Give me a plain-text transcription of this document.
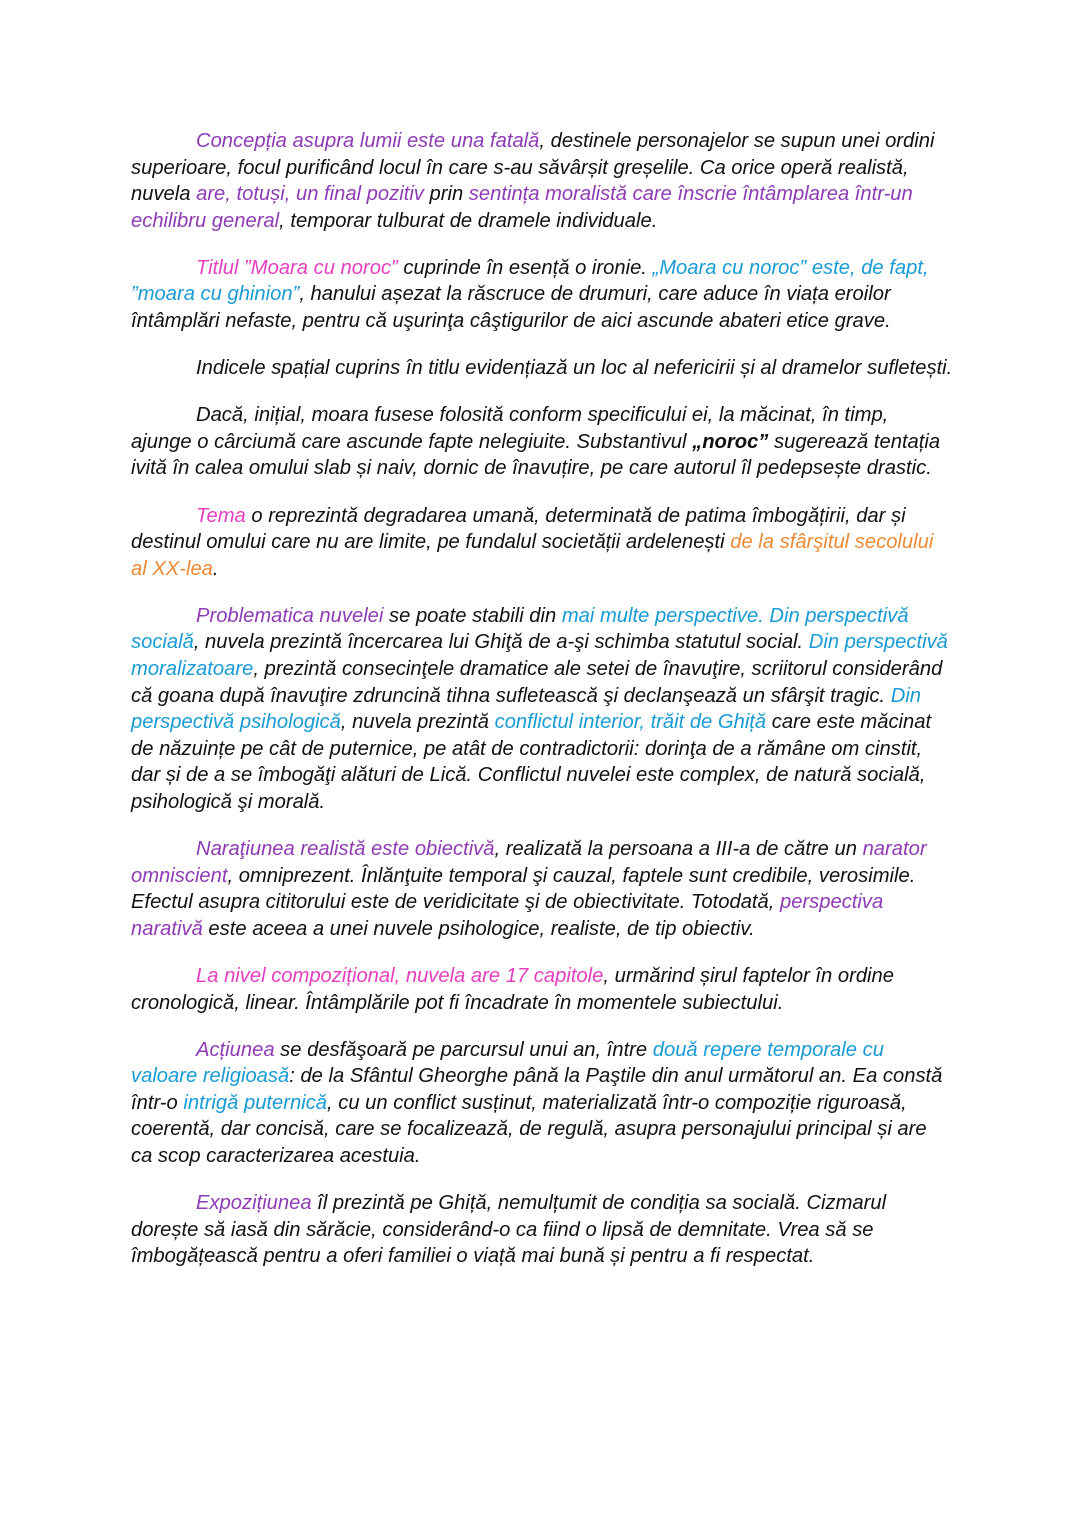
Concepția asupra lumii este una fatală, destinele personajelor se supun unei ordini superioare, focul purificând locul în care s-au săvârșit greșelile. Ca orice operă realistă, nuvela are, totuși, un final pozitiv prin sentința moralistă care înscrie întâmplarea într-un echilibru general, temporar tulburat de dramele individuale.

Titlul ”Moara cu noroc” cuprinde în esență o ironie. „Moara cu noroc” este, de fapt, ”moara cu ghinion”, hanului așezat la răscruce de drumuri, care aduce în viața eroilor întâmplări nefaste, pentru că uşurinţa câştigurilor de aici ascunde abateri etice grave.

Indicele spațial cuprins în titlu evidențiază un loc al nefericirii și al dramelor sufletești.

Dacă, inițial, moara fusese folosită conform specificului ei, la măcinat, în timp, ajunge o cârciumă care ascunde fapte nelegiuite. Substantivul „noroc” sugerează tentația ivită în calea omului slab și naiv, dornic de înavuțire, pe care autorul îl pedepsește drastic.

Tema o reprezintă degradarea umană, determinată de patima îmbogățirii, dar și destinul omului care nu are limite, pe fundalul societății ardelenești de la sfârşitul secolului al XX-lea.

Problematica nuvelei se poate stabili din mai multe perspective. Din perspectivă socială, nuvela prezintă încercarea lui Ghiţă de a-şi schimba statutul social. Din perspectivă moralizatoare, prezintă consecinţele dramatice ale setei de înavuţire, scriitorul considerând că goana după înavuţire zdruncină tihna sufletească şi declanşează un sfârşit tragic. Din perspectivă psihologică, nuvela prezintă conflictul interior, trăit de Ghiță care este măcinat de năzuințe pe cât de puternice, pe atât de contradictorii: dorinţa de a rămâne om cinstit, dar și de a se îmbogăţi alături de Lică. Conflictul nuvelei este complex, de natură socială, psihologică şi morală.

Naraţiunea realistă este obiectivă, realizată la persoana a III-a de către un narator omniscient, omniprezent. Înlănţuite temporal şi cauzal, faptele sunt credibile, verosimile. Efectul asupra cititorului este de veridicitate şi de obiectivitate. Totodată, perspectiva narativă este aceea a unei nuvele psihologice, realiste, de tip obiectiv.

La nivel compozițional, nuvela are 17 capitole, urmărind șirul faptelor în ordine cronologică, linear. Întâmplările pot fi încadrate în momentele subiectului.

Acțiunea se desfăşoară pe parcursul unui an, între două repere temporale cu valoare religioasă: de la Sfântul Gheorghe până la Paştile din anul următorul an. Ea constă într-o intrigă puternică, cu un conflict susținut, materializată într-o compoziție riguroasă, coerentă, dar concisă, care se focalizează, de regulă, asupra personajului principal și are ca scop caracterizarea acestuia.

Expozițiunea îl prezintă pe Ghiță, nemulțumit de condiția sa socială. Cizmarul dorește să iasă din sărăcie, considerând-o ca fiind o lipsă de demnitate. Vrea să se îmbogățească pentru a oferi familiei o viață mai bună și pentru a fi respectat.
